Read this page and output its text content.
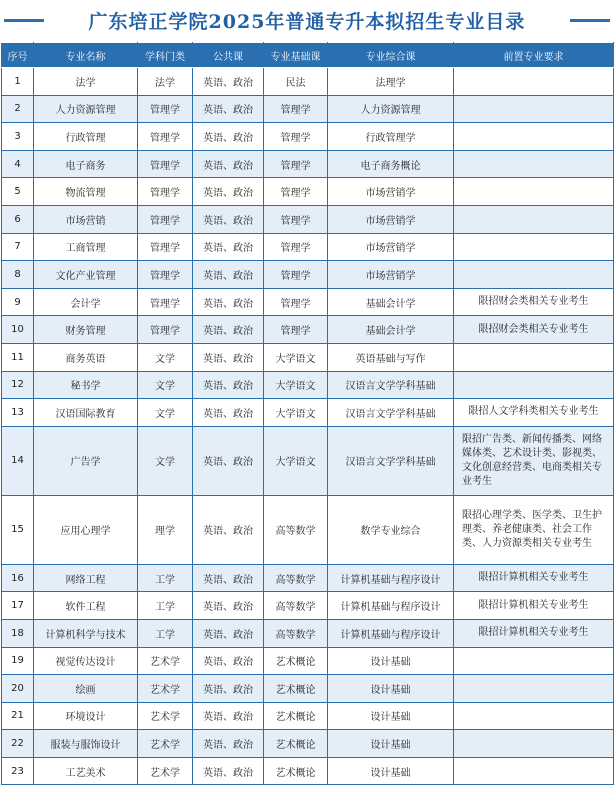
广东培正学院2025年普通专升本拟招生专业目录
序号	专业名称	学科门类	公共课	专业基础课	专业综合课	前置专业要求
1	法学	法学	英语、政治	民法	法理学	
2	人力资源管理	管理学	英语、政治	管理学	人力资源管理	
3	行政管理	管理学	英语、政治	管理学	行政管理学	
4	电子商务	管理学	英语、政治	管理学	电子商务概论	
5	物流管理	管理学	英语、政治	管理学	市场营销学	
6	市场营销	管理学	英语、政治	管理学	市场营销学	
7	工商管理	管理学	英语、政治	管理学	市场营销学	
8	文化产业管理	管理学	英语、政治	管理学	市场营销学	
9	会计学	管理学	英语、政治	管理学	基础会计学	限招财会类相关专业考生
10	财务管理	管理学	英语、政治	管理学	基础会计学	限招财会类相关专业考生
11	商务英语	文学	英语、政治	大学语文	英语基础与写作	
12	秘书学	文学	英语、政治	大学语文	汉语言文学学科基础	
13	汉语国际教育	文学	英语、政治	大学语文	汉语言文学学科基础	限招人文学科类相关专业考生
14	广告学	文学	英语、政治	大学语文	汉语言文学学科基础	限招广告类、新闻传播类、网络媒体类、艺术设计类、影视类、文化创意经营类、电商类相关专业考生
15	应用心理学	理学	英语、政治	高等数学	数学专业综合	限招心理学类、医学类、卫生护理类、养老健康类、社会工作类、人力资源类相关专业考生
16	网络工程	工学	英语、政治	高等数学	计算机基础与程序设计	限招计算机相关专业考生
17	软件工程	工学	英语、政治	高等数学	计算机基础与程序设计	限招计算机相关专业考生
18	计算机科学与技术	工学	英语、政治	高等数学	计算机基础与程序设计	限招计算机相关专业考生
19	视觉传达设计	艺术学	英语、政治	艺术概论	设计基础	
20	绘画	艺术学	英语、政治	艺术概论	设计基础	
21	环境设计	艺术学	英语、政治	艺术概论	设计基础	
22	服装与服饰设计	艺术学	英语、政治	艺术概论	设计基础	
23	工艺美术	艺术学	英语、政治	艺术概论	设计基础	
